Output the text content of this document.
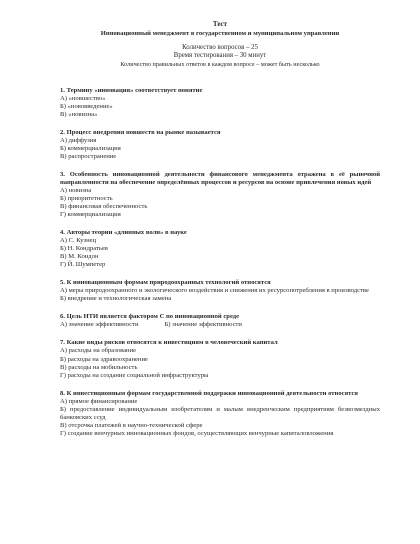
Тест
Инновационный менеджмент в государственном и муниципальном управлении
Количество вопросов – 25
Время тестирования – 30 минут
Количество правильных ответов в каждом вопросе – может быть несколько
1. Термину «инновация» соответствует понятие
А) «новшество»
Б) «нововведение»
В) «новизна»
2. Процесс внедрения новшеств на рынке называется
А) диффузия
Б) коммерциализация
В) распространение
3. Особенность инновационной деятельности финансового менеджмента отражена в её рыночной направленности на обеспечение определённых процессов и ресурсов на основе привлечения новых идей
А) новизна
Б) приоритетность
В) финансовая обеспеченность
Г) коммерциализация
4. Авторы теории «длинных волн» в науке
А) С. Кузнец
Б) Н. Кондратьев
В) М. Кондон
Г) Й. Шумпетер
5. К инновационным формам природоохранных технологий относятся
А) меры природоохранного и экологического воздействия и снижения их ресурсопотребления в производстве
Б) внедрение и технологическая замена
6. Цель НТИ является фактором С по инновационной среде
А) значение эффективности	Б) значение эффективности
7. Какие виды рисков относятся к инвестициям в человеческий капитал
А) расходы на образование
Б) расходы на здравоохранение
В) расходы на мобильность
Г) расходы на создание социальной инфраструктуры
8. К инвестиционным формам государственной поддержки инновационной деятельности относятся
А) прямое финансирование
Б) предоставление индивидуальным изобретателям и малым внедренческим предприятиям безвозмездных банковских ссуд
В) отсрочка платежей в научно-технической сфере
Г) создание венчурных инновационных фондов, осуществляющих венчурные капиталовложения
